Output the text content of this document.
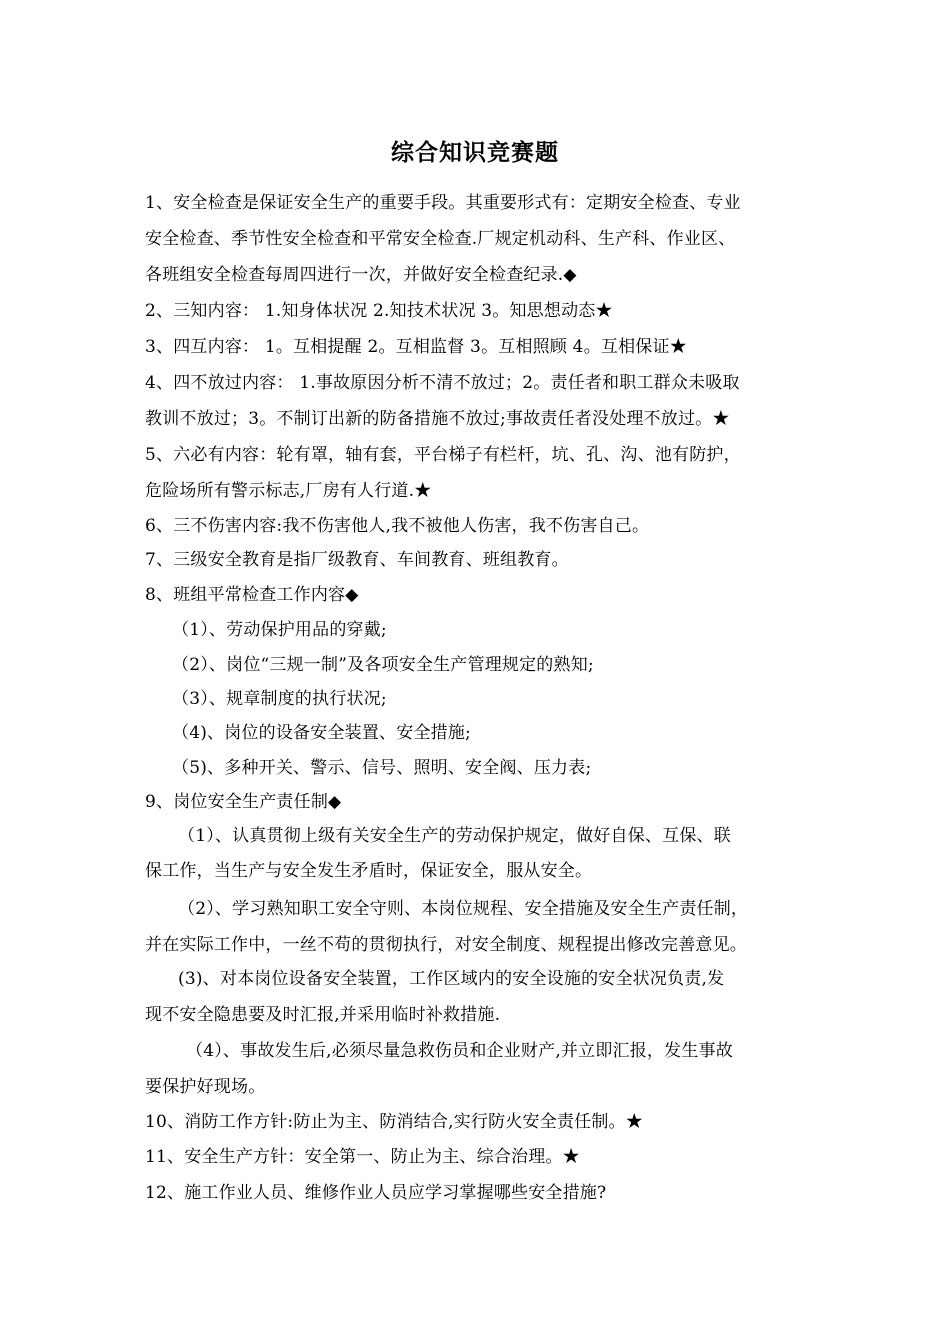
综合知识竞赛题
1、安全检查是保证安全生产的重要手段。其重要形式有：定期安全检查、专业
安全检查、季节性安全检查和平常安全检查.厂规定机动科、生产科、作业区、
各班组安全检查每周四进行一次，并做好安全检查纪录.◆
2、三知内容： 1.知身体状况 2.知技术状况 3。知思想动态★
3、四互内容： 1。互相提醒 2。互相监督 3。互相照顾 4。互相保证★
4、四不放过内容： 1.事故原因分析不清不放过；2。责任者和职工群众未吸取
教训不放过；3。不制订出新的防备措施不放过;事故责任者没处理不放过。★
5、六必有内容：轮有罩，轴有套，平台梯子有栏杆，坑、孔、沟、池有防护，
危险场所有警示标志,厂房有人行道.★
6、三不伤害内容:我不伤害他人,我不被他人伤害，我不伤害自己。
7、三级安全教育是指厂级教育、车间教育、班组教育。
8、班组平常检查工作内容◆
（1）、劳动保护用品的穿戴;
（2）、岗位“三规一制”及各项安全生产管理规定的熟知;
（3）、规章制度的执行状况;
（4)、岗位的设备安全装置、安全措施;
（5)、多种开关、警示、信号、照明、安全阀、压力表;
9、岗位安全生产责任制◆
（1）、认真贯彻上级有关安全生产的劳动保护规定，做好自保、互保、联
保工作，当生产与安全发生矛盾时，保证安全，服从安全。
（2）、学习熟知职工安全守则、本岗位规程、安全措施及安全生产责任制，
并在实际工作中，一丝不苟的贯彻执行，对安全制度、规程提出修改完善意见。
(3)、对本岗位设备安全装置，工作区域内的安全设施的安全状况负责,发
现不安全隐患要及时汇报,并采用临时补救措施.
（4）、事故发生后,必须尽量急救伤员和企业财产,并立即汇报，发生事故
要保护好现场。
10、消防工作方针:防止为主、防消结合,实行防火安全责任制。★
11、安全生产方针：安全第一、防止为主、综合治理。★
12、施工作业人员、维修作业人员应学习掌握哪些安全措施?
